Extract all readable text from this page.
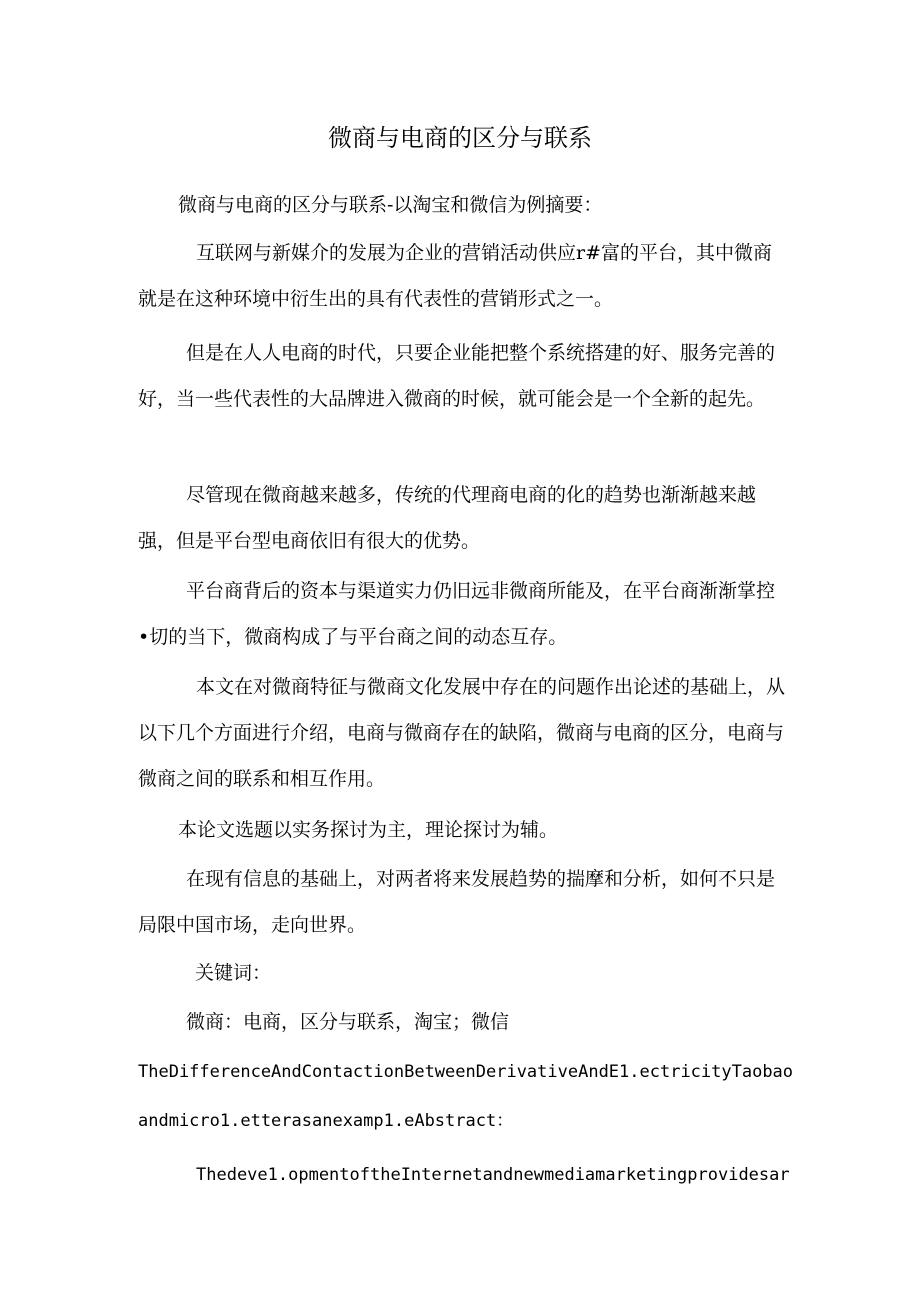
微商与电商的区分与联系
微商与电商的区分与联系-以淘宝和微信为例摘要：
互联网与新媒介的发展为企业的营销活动供应r#富的平台，其中微商就是在这种环境中衍生出的具有代表性的营销形式之一。
但是在人人电商的时代，只要企业能把整个系统搭建的好、服务完善的好，当一些代表性的大品牌进入微商的时候，就可能会是一个全新的起先。
尽管现在微商越来越多，传统的代理商电商的化的趋势也渐渐越来越强，但是平台型电商依旧有很大的优势。
平台商背后的资本与渠道实力仍旧远非微商所能及，在平台商渐渐掌控•切的当下，微商构成了与平台商之间的动态互存。
本文在对微商特征与微商文化发展中存在的问题作出论述的基础上，从以下几个方面进行介绍，电商与微商存在的缺陷，微商与电商的区分，电商与微商之间的联系和相互作用。
本论文选题以实务探讨为主，理论探讨为辅。
在现有信息的基础上，对两者将来发展趋势的揣摩和分析，如何不只是局限中国市场，走向世界。
关键词：
微商：电商，区分与联系，淘宝；微信
TheDifferenceAndContactionBetweenDerivativeAndE1.ectricityTaobao
andmicro1.etterasanexamp1.eAbstract：
Thedeve1.opmentoftheInternetandnewmediamarketingprovidesar
